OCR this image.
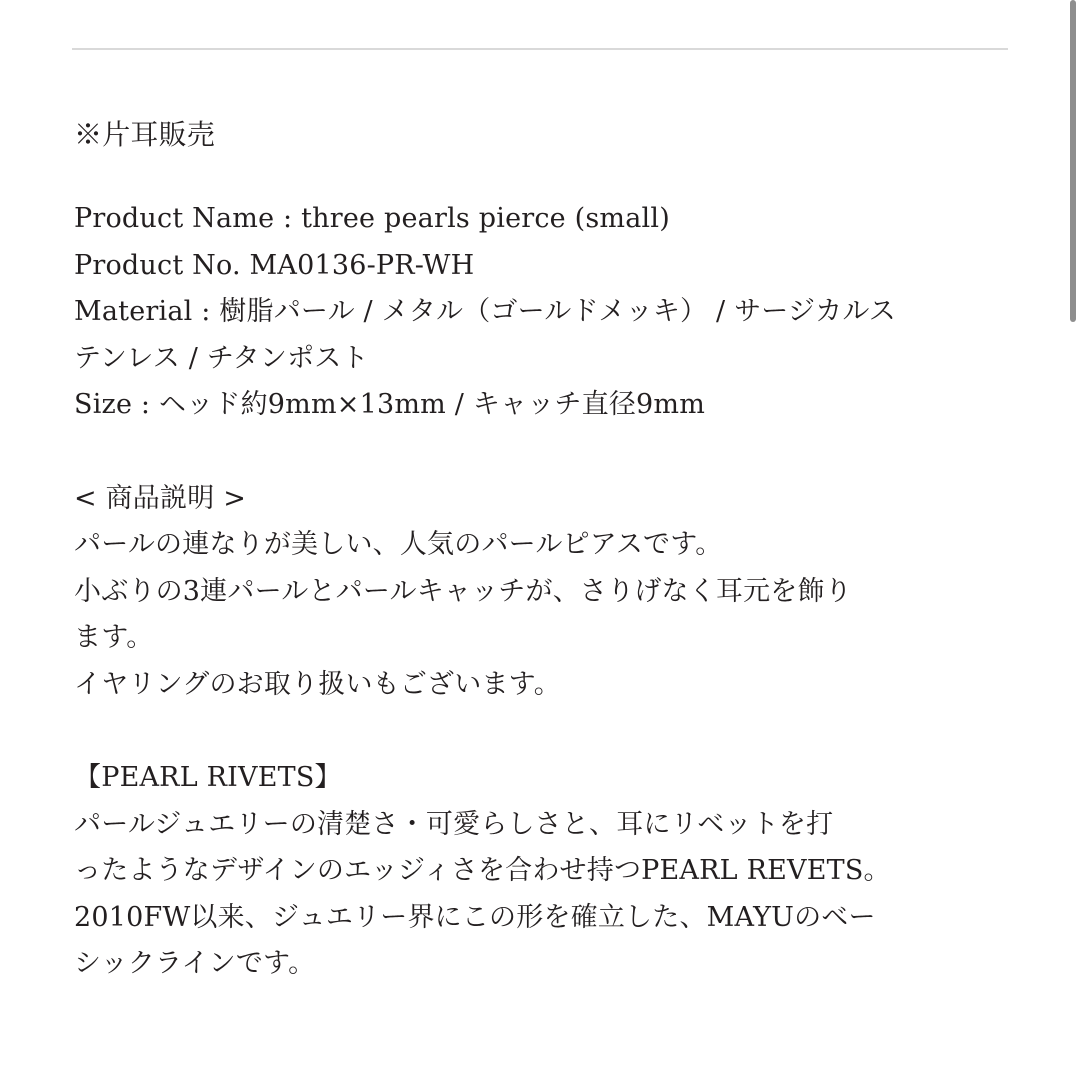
※片耳販売
Product Name : three pearls pierce (small)
Product No. MA0136-PR-WH
Material : 樹脂パール / メタル（ゴールドメッキ） / サージカルス
テンレス / チタンポスト
Size : ヘッド約9mm×13mm / キャッチ直径9mm
< 商品説明 >
パールの連なりが美しい、人気のパールピアスです。
小ぶりの3連パールとパールキャッチが、さりげなく耳元を飾り
ます。
イヤリングのお取り扱いもございます。
【PEARL RIVETS】
パールジュエリーの清楚さ・可愛らしさと、耳にリベットを打
ったようなデザインのエッジィさを合わせ持つPEARL REVETS。
2010FW以来、ジュエリー界にこの形を確立した、MAYUのベー
シックラインです。
